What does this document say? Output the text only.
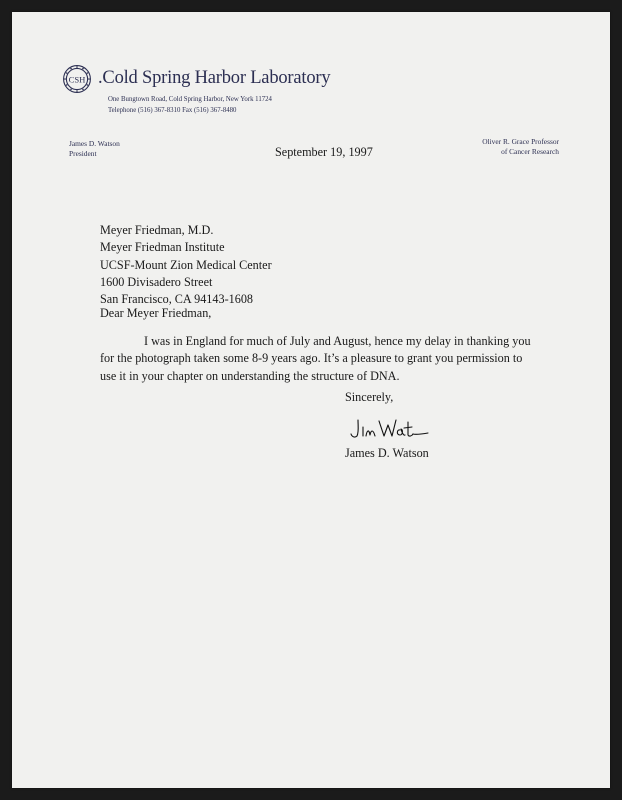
CSH .Cold Spring Harbor Laboratory
One Bungtown Road, Cold Spring Harbor, New York 11724
Telephone (516) 367-8310 Fax (516) 367-8480
James D. Watson
President
Oliver R. Grace Professor
of Cancer Research
September 19, 1997
Meyer Friedman, M.D.
Meyer Friedman Institute
UCSF-Mount Zion Medical Center
1600 Divisadero Street
San Francisco, CA 94143-1608
Dear Meyer Friedman,
I was in England for much of July and August, hence my delay in thanking you
for the photograph taken some 8-9 years ago. It’s a pleasure to grant you permission to
use it in your chapter on understanding the structure of DNA.
Sincerely,
James D. Watson
